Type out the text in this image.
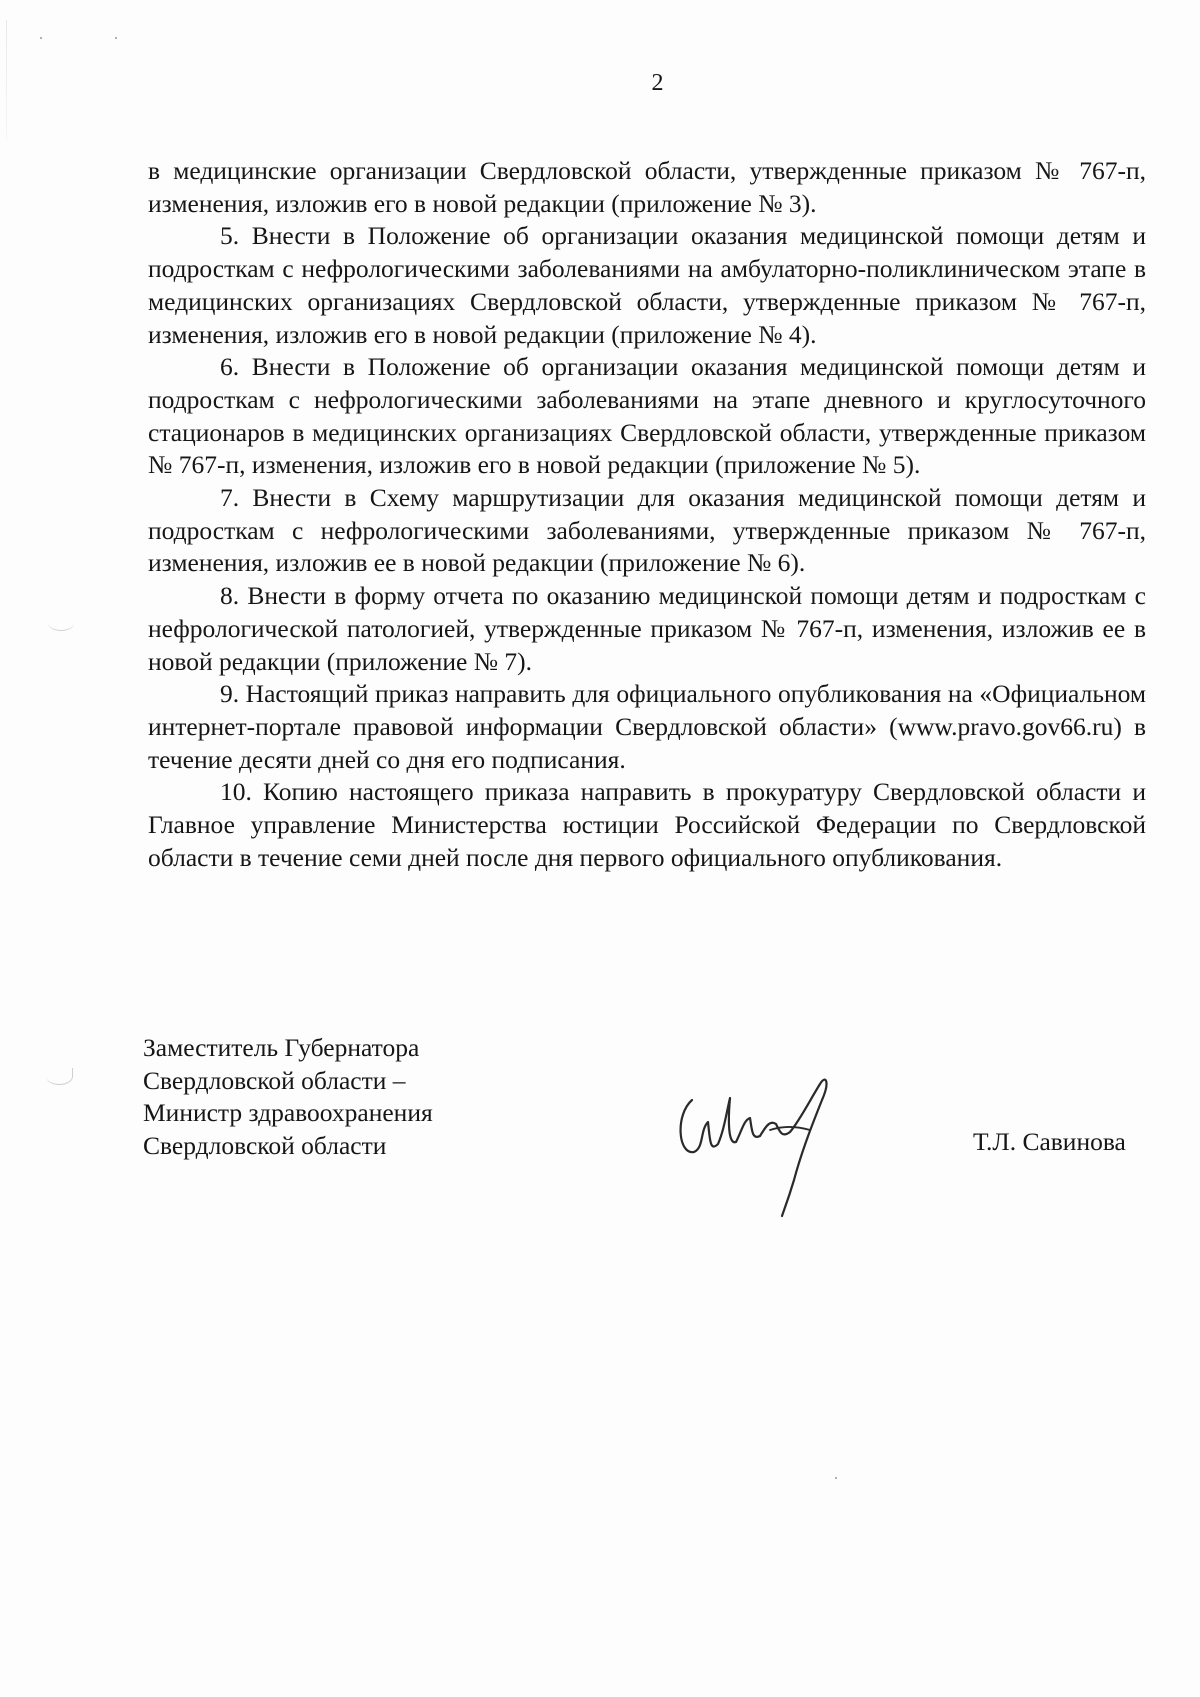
2

в медицинские организации Свердловской области, утвержденные приказом № 767-п, изменения, изложив его в новой редакции (приложение № 3).

5. Внести в Положение об организации оказания медицинской помощи детям и подросткам с нефрологическими заболеваниями на амбулаторно-поликлиническом этапе в медицинских организациях Свердловской области, утвержденные приказом № 767-п, изменения, изложив его в новой редакции (приложение № 4).

6. Внести в Положение об организации оказания медицинской помощи детям и подросткам с нефрологическими заболеваниями на этапе дневного и круглосуточного стационаров в медицинских организациях Свердловской области, утвержденные приказом № 767-п, изменения, изложив его в новой редакции (приложение № 5).

7. Внести в Схему маршрутизации для оказания медицинской помощи детям и подросткам с нефрологическими заболеваниями, утвержденные приказом № 767-п, изменения, изложив ее в новой редакции (приложение № 6).

8. Внести в форму отчета по оказанию медицинской помощи детям и подросткам с нефрологической патологией, утвержденные приказом № 767-п, изменения, изложив ее в новой редакции (приложение № 7).

9. Настоящий приказ направить для официального опубликования на «Официальном интернет-портале правовой информации Свердловской области» (www.pravo.gov66.ru) в течение десяти дней со дня его подписания.

10. Копию настоящего приказа направить в прокуратуру Свердловской области и Главное управление Министерства юстиции Российской Федерации по Свердловской области в течение семи дней после дня первого официального опубликования.

Заместитель Губернатора
Свердловской области –
Министр здравоохранения
Свердловской области	Т.Л. Савинова
